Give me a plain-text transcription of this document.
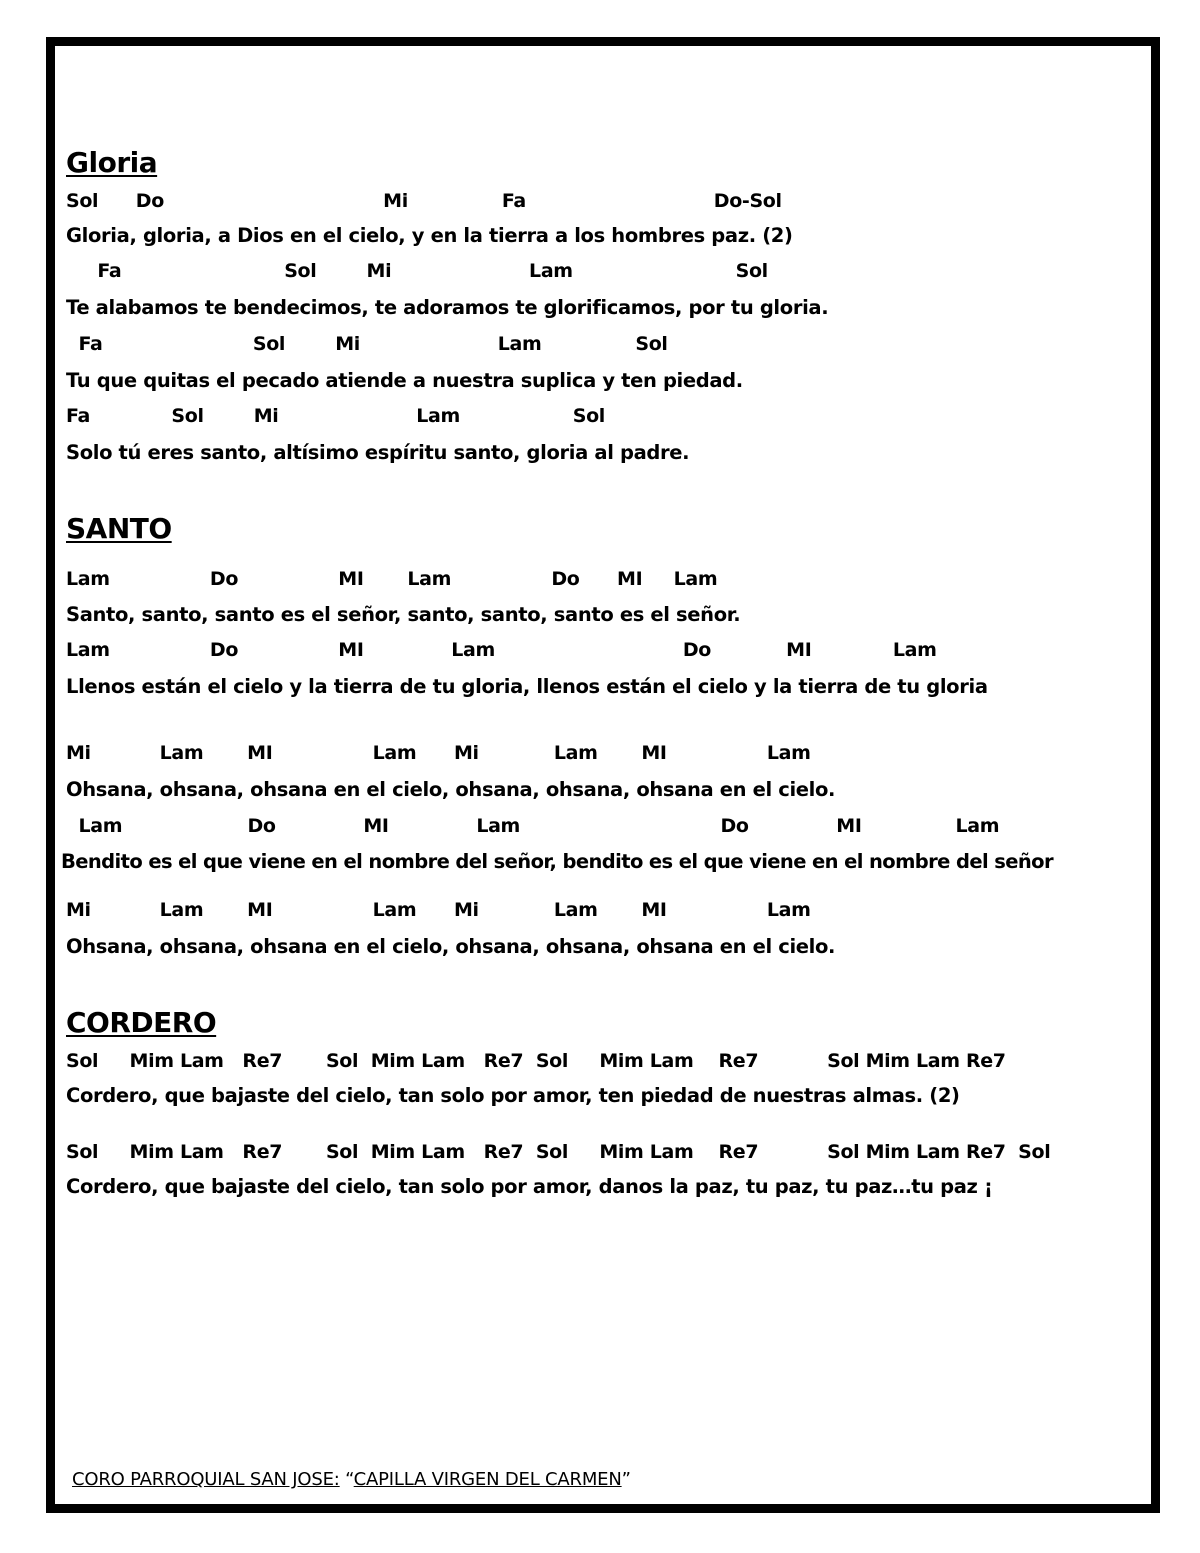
Gloria
Sol      Do                                   Mi               Fa                              Do-Sol
Gloria, gloria, a Dios en el cielo, y en la tierra a los hombres paz. (2)
Fa                          Sol        Mi                      Lam                          Sol
Te alabamos te bendecimos, te adoramos te glorificamos, por tu gloria.
Fa                        Sol        Mi                      Lam               Sol
Tu que quitas el pecado atiende a nuestra suplica y ten piedad.
Fa             Sol        Mi                      Lam                  Sol
Solo tú eres santo, altísimo espíritu santo, gloria al padre.
SANTO
Lam                Do                MI       Lam                Do      MI     Lam
Santo, santo, santo es el señor, santo, santo, santo es el señor.
Lam                Do                MI              Lam                              Do            MI             Lam
Llenos están el cielo y la tierra de tu gloria, llenos están el cielo y la tierra de tu gloria
Mi           Lam       MI                Lam      Mi            Lam       MI                Lam
Ohsana, ohsana, ohsana en el cielo, ohsana, ohsana, ohsana en el cielo.
Lam                    Do              MI              Lam                                Do              MI               Lam
Bendito es el que viene en el nombre del señor, bendito es el que viene en el nombre del señor
Mi           Lam       MI                Lam      Mi            Lam       MI                Lam
Ohsana, ohsana, ohsana en el cielo, ohsana, ohsana, ohsana en el cielo.
CORDERO
Sol     Mim Lam   Re7       Sol  Mim Lam   Re7  Sol     Mim Lam    Re7           Sol Mim Lam Re7
Cordero, que bajaste del cielo, tan solo por amor, ten piedad de nuestras almas. (2)
Sol     Mim Lam   Re7       Sol  Mim Lam   Re7  Sol     Mim Lam    Re7           Sol Mim Lam Re7  Sol
Cordero, que bajaste del cielo, tan solo por amor, danos la paz, tu paz, tu paz…tu paz ¡
CORO PARROQUIAL SAN JOSE: “CAPILLA VIRGEN DEL CARMEN”
